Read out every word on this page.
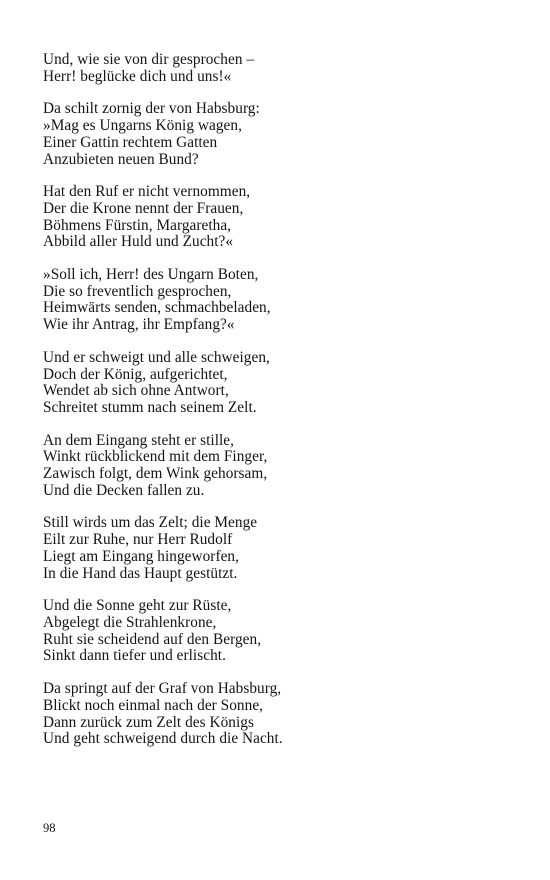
Und, wie sie von dir gesprochen –
Herr! beglücke dich und uns!«
Da schilt zornig der von Habsburg:
»Mag es Ungarns König wagen,
Einer Gattin rechtem Gatten
Anzubieten neuen Bund?
Hat den Ruf er nicht vernommen,
Der die Krone nennt der Frauen,
Böhmens Fürstin, Margaretha,
Abbild aller Huld und Zucht?«
»Soll ich, Herr! des Ungarn Boten,
Die so freventlich gesprochen,
Heimwärts senden, schmachbeladen,
Wie ihr Antrag, ihr Empfang?«
Und er schweigt und alle schweigen,
Doch der König, aufgerichtet,
Wendet ab sich ohne Antwort,
Schreitet stumm nach seinem Zelt.
An dem Eingang steht er stille,
Winkt rückblickend mit dem Finger,
Zawisch folgt, dem Wink gehorsam,
Und die Decken fallen zu.
Still wirds um das Zelt; die Menge
Eilt zur Ruhe, nur Herr Rudolf
Liegt am Eingang hingeworfen,
In die Hand das Haupt gestützt.
Und die Sonne geht zur Rüste,
Abgelegt die Strahlenkrone,
Ruht sie scheidend auf den Bergen,
Sinkt dann tiefer und erlischt.
Da springt auf der Graf von Habsburg,
Blickt noch einmal nach der Sonne,
Dann zurück zum Zelt des Königs
Und geht schweigend durch die Nacht.
98
